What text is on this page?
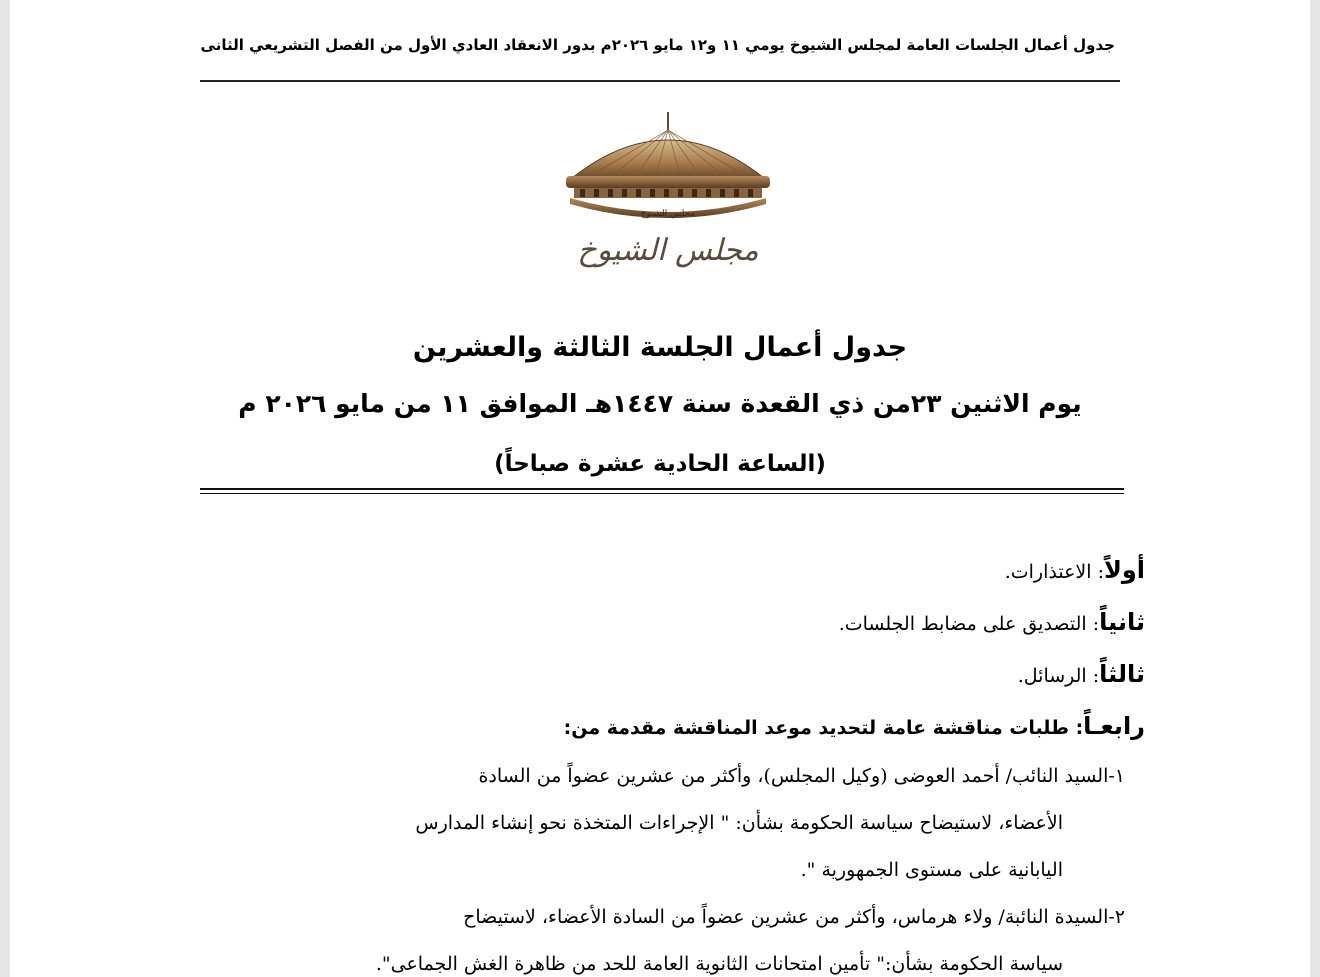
جدول أعمال الجلسات العامة لمجلس الشيوخ يومي ١١ و١٢ مايو ٢٠٢٦م بدور الانعقاد العادي الأول من الفصل التشريعي الثانى
مجلس الشيوخ
مجلس الشيوخ
جدول أعمال الجلسة الثالثة والعشرين
يوم الاثنين ٢٣من ذي القعدة سنة ١٤٤٧هـ الموافق ١١ من مايو ٢٠٢٦ م
(الساعة الحادية عشرة صباحاً)
أولاً: الاعتذارات.
ثانياً: التصديق على مضابط الجلسات.
ثالثاً: الرسائل.
رابعـاً: طلبات مناقشة عامة لتحديد موعد المناقشة مقدمة من:
١-السيد النائب/ أحمد العوضى (وكيل المجلس)، وأكثر من عشرين عضواً من السادة
الأعضاء، لاستيضاح سياسة الحكومة بشأن: " الإجراءات المتخذة نحو إنشاء المدارس
اليابانية على مستوى الجمهورية ".
٢-السيدة النائبة/ ولاء هرماس، وأكثر من عشرين عضواً من السادة الأعضاء، لاستيضاح
سياسة الحكومة بشأن:" تأمين امتحانات الثانوية العامة للحد من ظاهرة الغش الجماعى".
